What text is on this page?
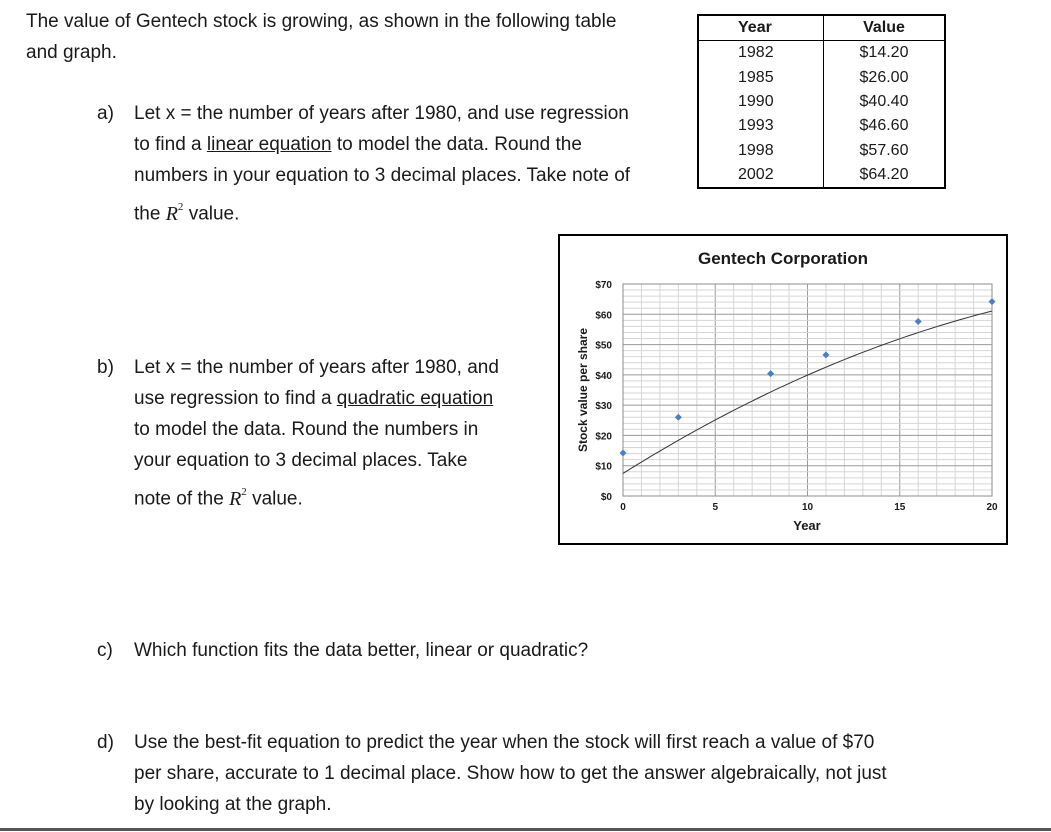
The value of Gentech stock is growing, as shown in the following table
and graph.
Year	Value
1982	$14.20
1985	$26.00
1990	$40.40
1993	$46.60
1998	$57.60
2002	$64.20
a) Let x = the number of years after 1980, and use regression
to find a linear equation to model the data. Round the
numbers in your equation to 3 decimal places. Take note of
the $R^2$ value.
b) Let x = the number of years after 1980, and
use regression to find a quadratic equation
to model the data. Round the numbers in
your equation to 3 decimal places. Take
note of the $R^2$ value.
Gentech Corporation
$0
$10
$20
$30
$40
$50
$60
$70
0	5	10	15	20
Year
Stock value per share
c) Which function fits the data better, linear or quadratic?
d) Use the best-fit equation to predict the year when the stock will first reach a value of $70
per share, accurate to 1 decimal place. Show how to get the answer algebraically, not just
by looking at the graph.
